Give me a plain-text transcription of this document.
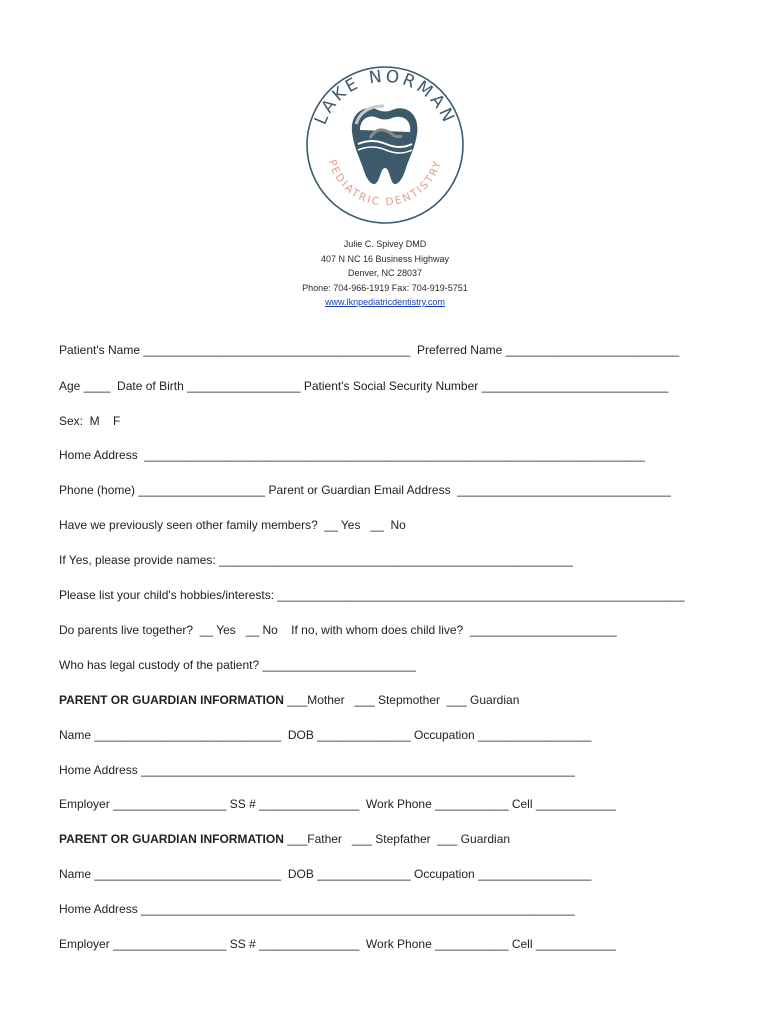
LAKE NORMAN
PEDIATRIC DENTISTRY
Julie C. Spivey DMD
407 N NC 16 Business Highway
Denver, NC 28037
Phone: 704-966-1919 Fax: 704-919-5751
www.lknpediatricdentistry.com
Patient's Name ________________________________________  Preferred Name __________________________
Age ____  Date of Birth _________________ Patient's Social Security Number ____________________________
Sex:  M    F
Home Address  ___________________________________________________________________________
Phone (home) ___________________ Parent or Guardian Email Address  ________________________________
Have we previously seen other family members?  __ Yes   __  No
If Yes, please provide names: _____________________________________________________
Please list your child's hobbies/interests: _____________________________________________________________
Do parents live together?  __ Yes   __ No    If no, with whom does child live?  ______________________
Who has legal custody of the patient? _______________________
PARENT OR GUARDIAN INFORMATION ___Mother   ___ Stepmother  ___ Guardian
Name ____________________________  DOB ______________ Occupation _________________
Home Address _________________________________________________________________
Employer _________________ SS # _______________  Work Phone ___________ Cell ____________
PARENT OR GUARDIAN INFORMATION ___Father   ___ Stepfather  ___ Guardian
Name ____________________________  DOB ______________ Occupation _________________
Home Address _________________________________________________________________
Employer _________________ SS # _______________  Work Phone ___________ Cell ____________
